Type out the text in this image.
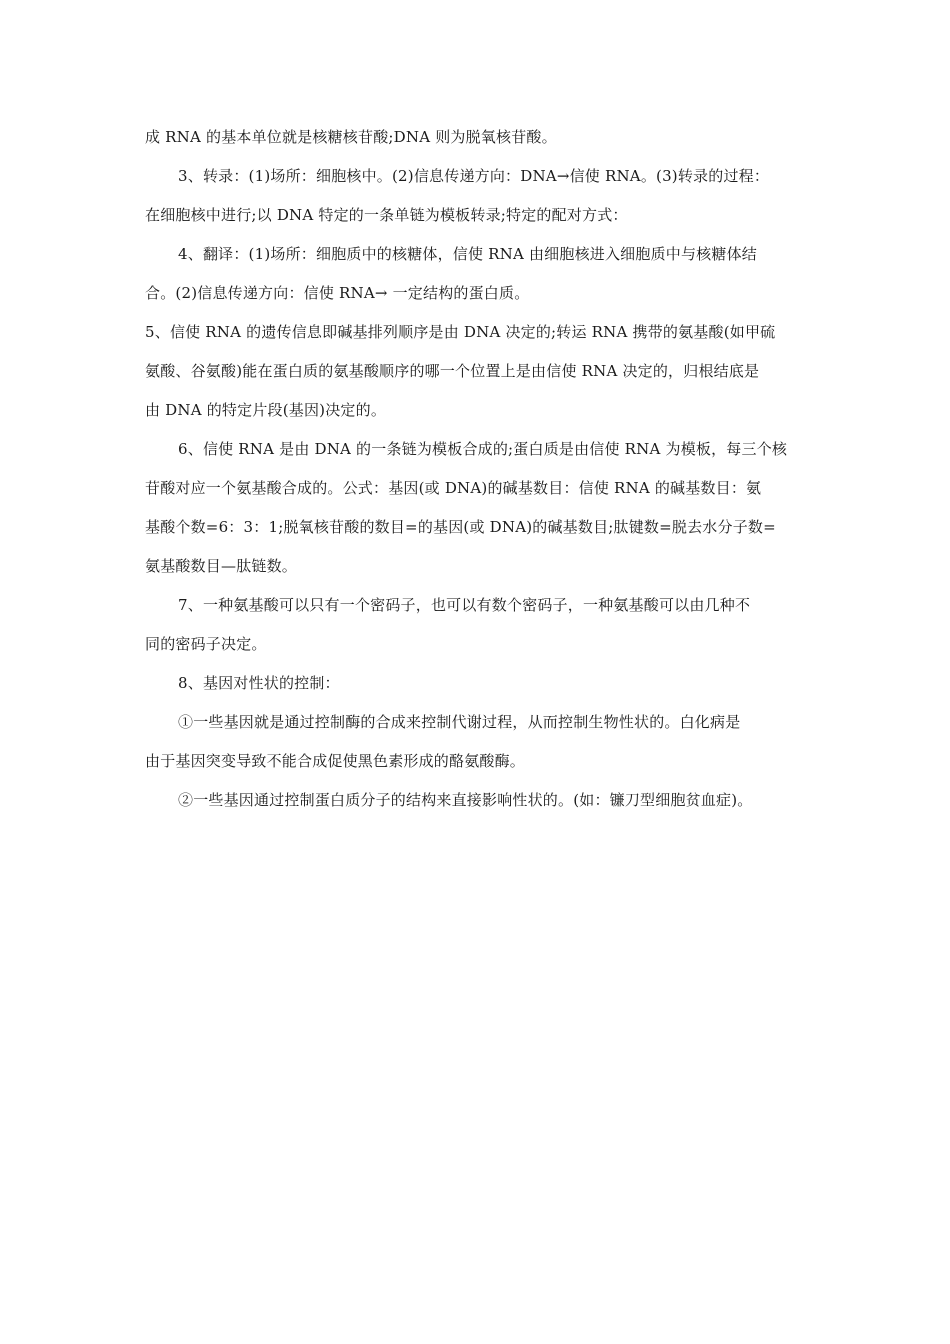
成 RNA 的基本单位就是核糖核苷酸;DNA 则为脱氧核苷酸。

3、转录：(1)场所：细胞核中。(2)信息传递方向：DNA→信使 RNA。(3)转录的过程：

在细胞核中进行;以 DNA 特定的一条单链为模板转录;特定的配对方式：

4、翻译：(1)场所：细胞质中的核糖体，信使 RNA 由细胞核进入细胞质中与核糖体结

合。(2)信息传递方向：信使 RNA→ 一定结构的蛋白质。

5、信使 RNA 的遗传信息即碱基排列顺序是由 DNA 决定的;转运 RNA 携带的氨基酸(如甲硫

氨酸、谷氨酸)能在蛋白质的氨基酸顺序的哪一个位置上是由信使 RNA 决定的，归根结底是

由 DNA 的特定片段(基因)决定的。

6、信使 RNA 是由 DNA 的一条链为模板合成的;蛋白质是由信使 RNA 为模板，每三个核

苷酸对应一个氨基酸合成的。公式：基因(或 DNA)的碱基数目：信使 RNA 的碱基数目：氨

基酸个数=6：3：1;脱氧核苷酸的数目=的基因(或 DNA)的碱基数目;肽键数=脱去水分子数=

氨基酸数目—肽链数。

7、一种氨基酸可以只有一个密码子，也可以有数个密码子，一种氨基酸可以由几种不

同的密码子决定。

8、基因对性状的控制：

①一些基因就是通过控制酶的合成来控制代谢过程，从而控制生物性状的。白化病是

由于基因突变导致不能合成促使黑色素形成的酪氨酸酶。

②一些基因通过控制蛋白质分子的结构来直接影响性状的。(如：镰刀型细胞贫血症)。
